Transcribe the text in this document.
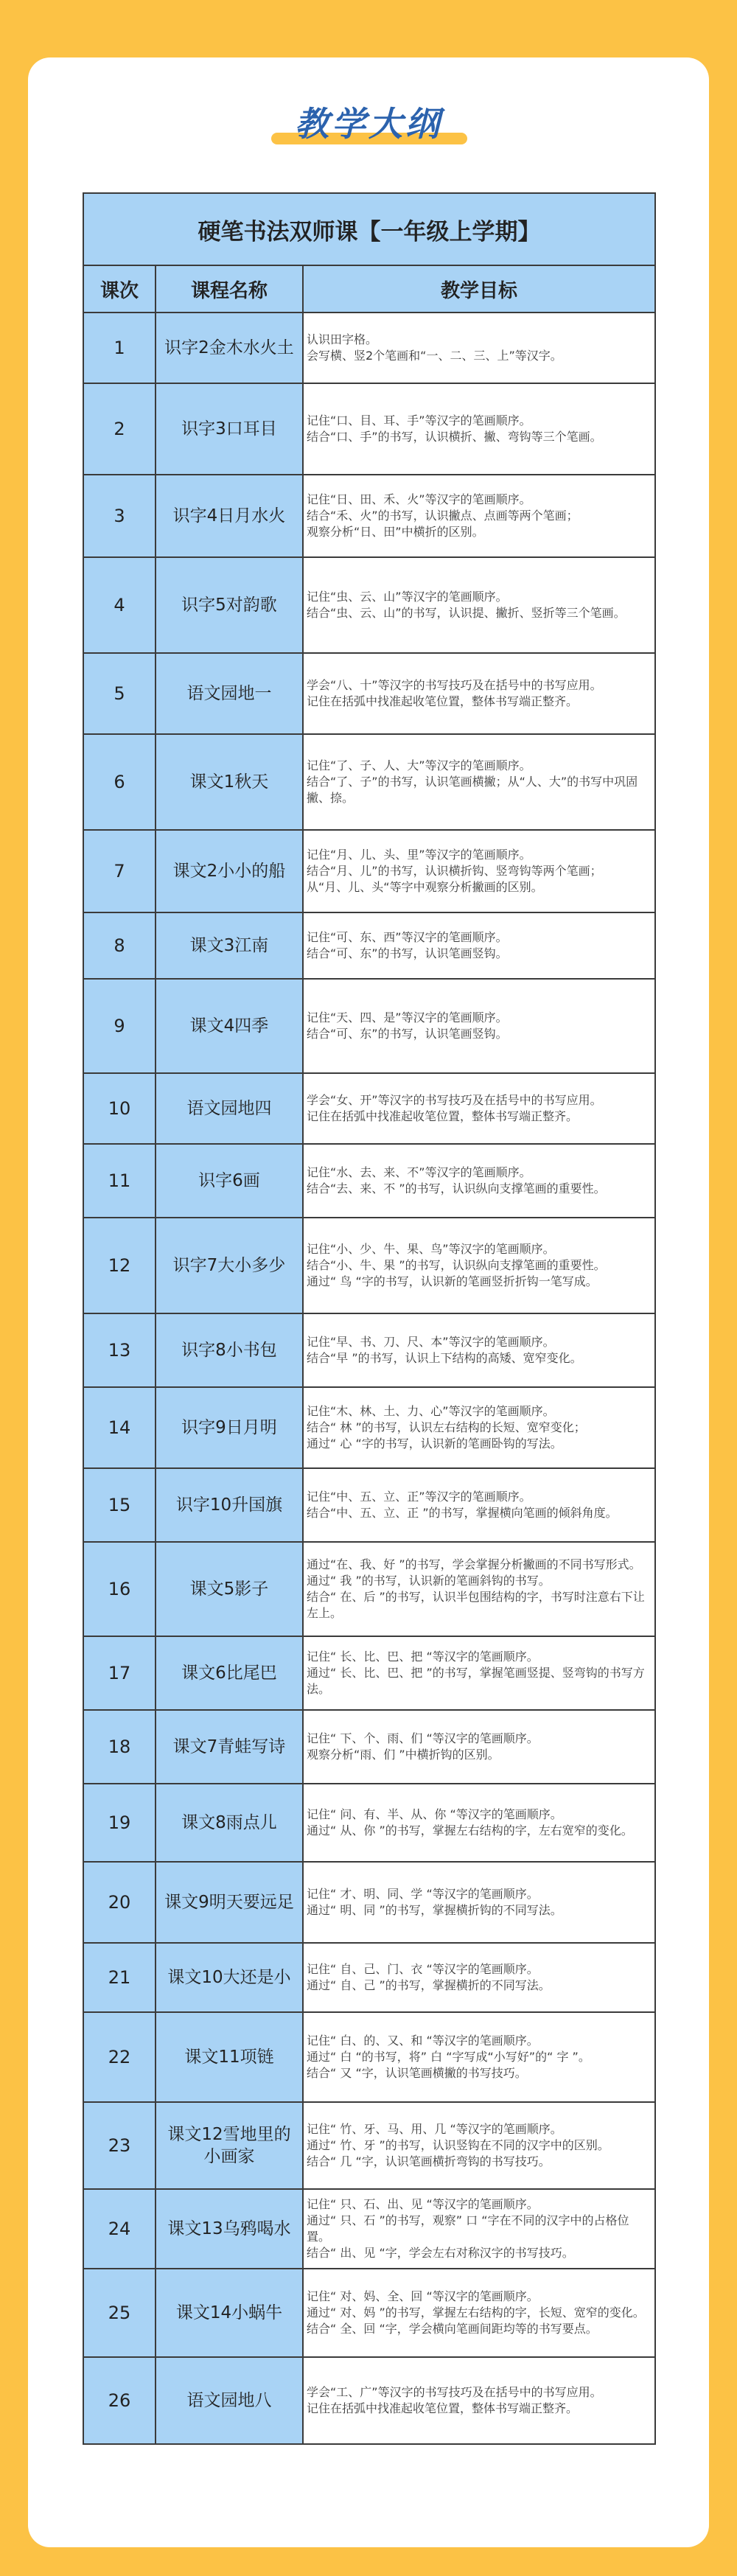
教学大纲
硬笔书法双师课【一年级上学期】		
课次	课程名称	教学目标
1	识字2金木水火土	认识田字格。
会写横、竖2个笔画和“一、二、三、上”等汉字。

2	识字3口耳目	记住“口、目、耳、手”等汉字的笔画顺序。
结合“口、手”的书写，认识横折、撇、弯钩等三个笔画。

3	识字4日月水火	记住“日、田、禾、火”等汉字的笔画顺序。
结合“禾、火”的书写，认识撇点、点画等两个笔画；
观察分析“日、田”中横折的区别。

4	识字5对韵歌	记住“虫、云、山”等汉字的笔画顺序。
结合“虫、云、山”的书写，认识提、撇折、竖折等三个笔画。

5	语文园地一	学会“八、十”等汉字的书写技巧及在括号中的书写应用。
记住在括弧中找准起收笔位置，整体书写端正整齐。

6	课文1秋天	记住“了、子、人、大”等汉字的笔画顺序。
结合“了、子”的书写，认识笔画横撇；从“人、大”的书写中巩固撇、捺。

7	课文2小小的船	记住“月、儿、头、里”等汉字的笔画顺序。
结合“月、儿”的书写，认识横折钩、竖弯钩等两个笔画；
从“月、儿、头“等字中观察分析撇画的区别。

8	课文3江南	记住“可、东、西”等汉字的笔画顺序。
结合“可、东”的书写，认识笔画竖钩。

9	课文4四季	记住“天、四、是”等汉字的笔画顺序。
结合“可、东”的书写，认识笔画竖钩。

10	语文园地四	学会“女、开”等汉字的书写技巧及在括号中的书写应用。
记住在括弧中找准起收笔位置，整体书写端正整齐。

11	识字6画	记住“水、去、来、不”等汉字的笔画顺序。
结合“去、来、不 ”的书写，认识纵向支撑笔画的重要性。

12	识字7大小多少	记住“小、少、牛、果、鸟”等汉字的笔画顺序。
结合“小、牛、果 ”的书写，认识纵向支撑笔画的重要性。
通过“ 鸟 “字的书写，认识新的笔画竖折折钩一笔写成。

13	识字8小书包	记住“早、书、刀、尺、本”等汉字的笔画顺序。
结合“早 ”的书写，认识上下结构的高矮、宽窄变化。

14	识字9日月明	记住“木、林、土、力、心”等汉字的笔画顺序。
结合“ 林 ”的书写，认识左右结构的长短、宽窄变化；
通过“ 心 “字的书写，认识新的笔画卧钩的写法。

15	识字10升国旗	记住“中、五、立、正”等汉字的笔画顺序。
结合“中、五、立、正 ”的书写，掌握横向笔画的倾斜角度。

16	课文5影子	通过“在、我、好 ”的书写，学会掌握分析撇画的不同书写形式。
通过“ 我 ”的书写，认识新的笔画斜钩的书写。
结合“ 在、后 ”的书写，认识半包围结构的字，书写时注意右下让左上。

17	课文6比尾巴	记住“ 长、比、巴、把 “等汉字的笔画顺序。
通过“ 长、比、巴、把 ”的书写，掌握笔画竖提、竖弯钩的书写方法。

18	课文7青蛙写诗	记住“ 下、个、雨、们 “等汉字的笔画顺序。
观察分析“雨、们 ”中横折钩的区别。

19	课文8雨点儿	记住“ 问、有、半、从、你 “等汉字的笔画顺序。
通过“ 从、你 ”的书写，掌握左右结构的字，左右宽窄的变化。

20	课文9明天要远足	记住“ 才、明、同、学 “等汉字的笔画顺序。
通过“ 明、同 ”的书写，掌握横折钩的不同写法。

21	课文10大还是小	记住“ 自、己、门、衣 “等汉字的笔画顺序。
通过“ 自、己 ”的书写，掌握横折的不同写法。

22	课文11项链	记住“ 白、的、又、和 “等汉字的笔画顺序。
通过“ 白 “的书写，将” 白 “字写成“小写好”的“ 字 ”。
结合“ 又 “字，认识笔画横撇的书写技巧。

23	课文12雪地里的小画家	记住“ 竹、牙、马、用、几 “等汉字的笔画顺序。
通过“ 竹、牙 ”的书写，认识竖钩在不同的汉字中的区别。
结合“ 几 “字，认识笔画横折弯钩的书写技巧。

24	课文13乌鸦喝水	记住“ 只、石、出、见 “等汉字的笔画顺序。
通过“ 只、石 ”的书写，观察” 口 “字在不同的汉字中的占格位置。
结合“ 出、见 “字，学会左右对称汉字的书写技巧。

25	课文14小蜗牛	记住“ 对、妈、全、回 “等汉字的笔画顺序。
通过“ 对、妈 ”的书写，掌握左右结构的字，长短、宽窄的变化。
结合“ 全、回 “字，学会横向笔画间距均等的书写要点。

26	语文园地八	学会“工、广”等汉字的书写技巧及在括号中的书写应用。
记住在括弧中找准起收笔位置，整体书写端正整齐。
